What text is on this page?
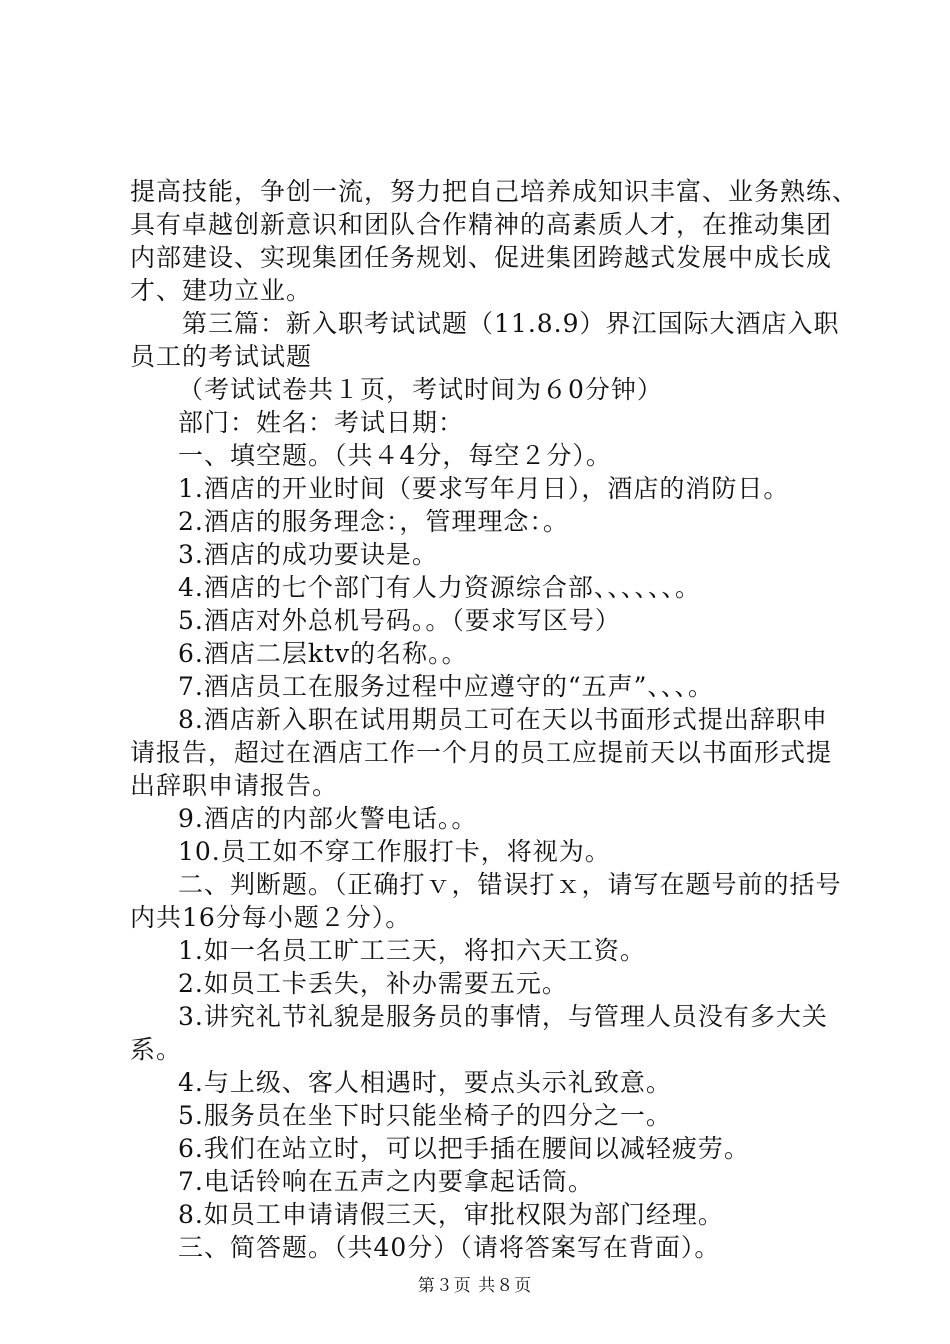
提高技能，争创一流，努力把自己培养成知识丰富、业务熟练、
具有卓越创新意识和团队合作精神的高素质人才，在推动集团
内部建设、实现集团任务规划、促进集团跨越式发展中成长成
才、建功立业。
第三篇：新入职考试试题（11.8.9）界江国际大酒店入职
员工的考试试题
（考试试卷共１页，考试时间为６0分钟）
部门：姓名：考试日期：
一、填空题。（共４4分，每空２分）。
1.酒店的开业时间（要求写年月日），酒店的消防日。
2.酒店的服务理念：，管理理念：。
3.酒店的成功要诀是。
4.酒店的七个部门有人力资源综合部、、、、、、。
5.酒店对外总机号码。。（要求写区号）
6.酒店二层ktv的名称。。
7.酒店员工在服务过程中应遵守的“五声”、、、。
8.酒店新入职在试用期员工可在天以书面形式提出辞职申
请报告，超过在酒店工作一个月的员工应提前天以书面形式提
出辞职申请报告。
9.酒店的内部火警电话。。
10.员工如不穿工作服打卡，将视为。
二、判断题。（正确打ｖ，错误打ｘ，请写在题号前的括号
内共16分每小题２分）。
1.如一名员工旷工三天，将扣六天工资。
2.如员工卡丢失，补办需要五元。
3.讲究礼节礼貌是服务员的事情，与管理人员没有多大关
系。
4.与上级、客人相遇时，要点头示礼致意。
5.服务员在坐下时只能坐椅子的四分之一。
6.我们在站立时，可以把手插在腰间以减轻疲劳。
7.电话铃响在五声之内要拿起话筒。
8.如员工申请请假三天，审批权限为部门经理。
三、简答题。（共40分）（请将答案写在背面）。
第３页 共８页
